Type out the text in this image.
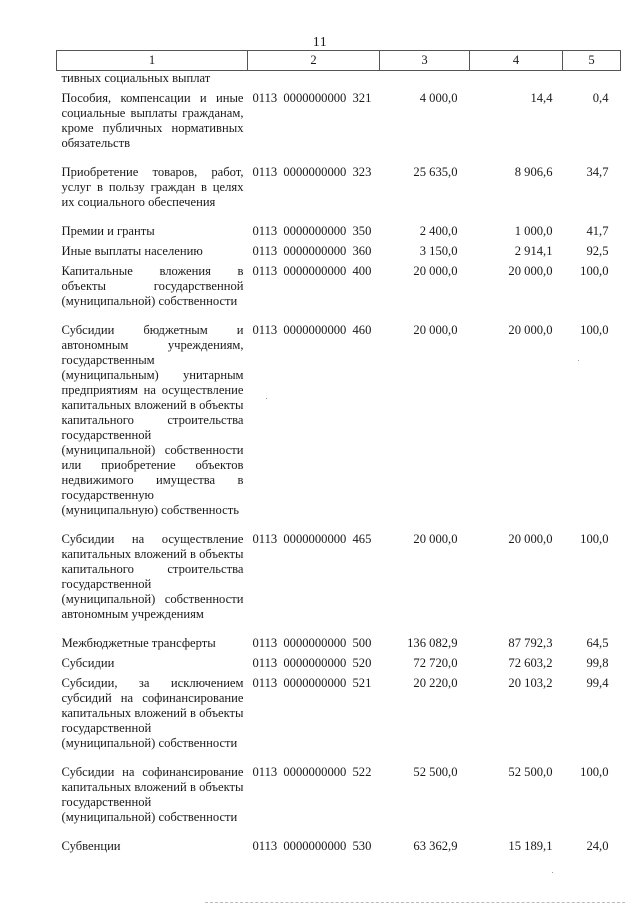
11
1	2	3	4	5
тивных социальных выплат				
Пособия, компенсации и иные социальные выплаты гражданам, кроме публичных нормативных обязательств	0113 0000000000 321	4 000,0	14,4	0,4
Приобретение товаров, работ, услуг в пользу граждан в целях их социального обеспечения	0113 0000000000 323	25 635,0	8 906,6	34,7
Премии и гранты	0113 0000000000 350	2 400,0	1 000,0	41,7
Иные выплаты населению	0113 0000000000 360	3 150,0	2 914,1	92,5
Капитальные вложения в объекты государственной (муниципальной) собственности	0113 0000000000 400	20 000,0	20 000,0	100,0
Субсидии бюджетным и автономным учреждениям, государственным (муниципальным) унитарным предприятиям на осуществление капитальных вложений в объекты капитального строительства государственной (муниципальной) собственности или приобретение объектов недвижимого имущества в государственную (муниципальную) собственность	0113 0000000000 460	20 000,0	20 000,0	100,0
Субсидии на осуществление капитальных вложений в объекты капитального строительства государственной (муниципальной) собственности автономным учреждениям	0113 0000000000 465	20 000,0	20 000,0	100,0
Межбюджетные трансферты	0113 0000000000 500	136 082,9	87 792,3	64,5
Субсидии	0113 0000000000 520	72 720,0	72 603,2	99,8
Субсидии, за исключением субсидий на софинансирование капитальных вложений в объекты государственной (муниципальной) собственности	0113 0000000000 521	20 220,0	20 103,2	99,4
Субсидии на софинансирование капитальных вложений в объекты государственной (муниципальной) собственности	0113 0000000000 522	52 500,0	52 500,0	100,0
Субвенции	0113 0000000000 530	63 362,9	15 189,1	24,0
